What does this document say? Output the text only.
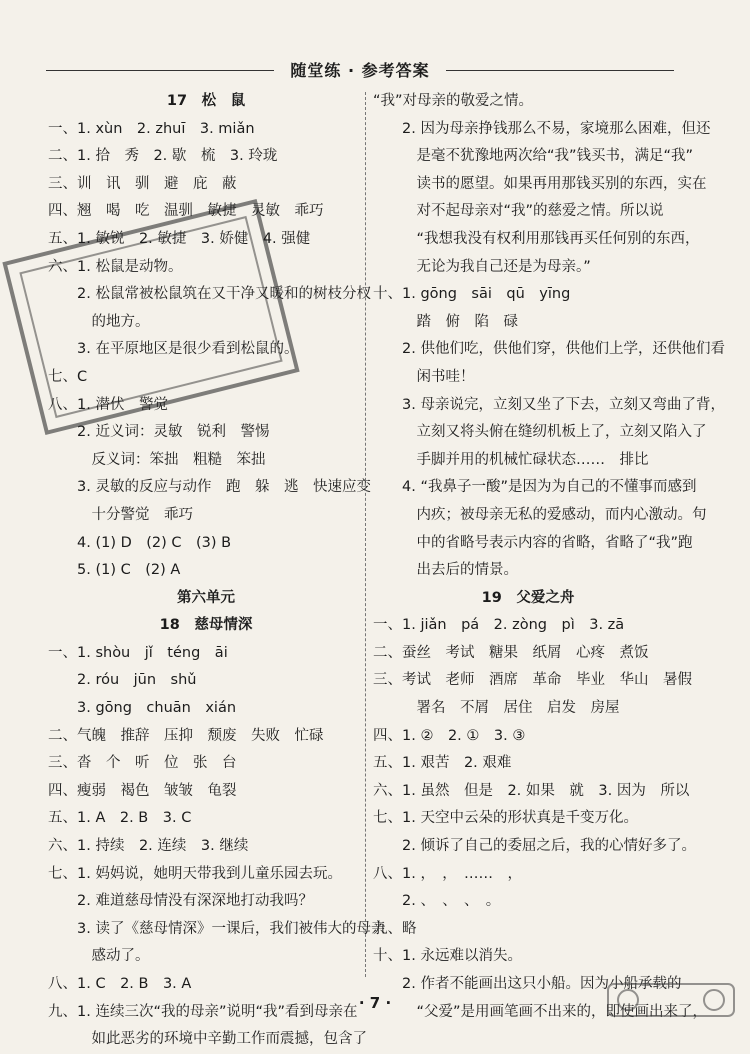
随堂练 · 参考答案
17　松　鼠
一、1. xùn　2. zhuī　3. miǎn
二、1. 拾　秀　2. 歇　梳　3. 玲珑
三、训　讯　驯　避　庇　蔽
四、翘　喝　吃　温驯　敏捷　灵敏　乖巧
五、1. 敏锐　2. 敏捷　3. 娇健　4. 强健
六、1. 松鼠是动物。
　　2. 松鼠常被松鼠筑在又干净又暖和的树枝分杈
　　　的地方。
　　3. 在平原地区是很少看到松鼠的。
七、C
八、1. 潜伏　警觉
　　2. 近义词：灵敏　锐利　警惕
　　　反义词：笨拙　粗糙　笨拙
　　3. 灵敏的反应与动作　跑　躲　逃　快速应变
　　　十分警觉　乖巧
　　4. (1) D　(2) C　(3) B
　　5. (1) C　(2) A
第六单元
18　慈母情深
一、1. shòu　jǐ　téng　āi
　　2. róu　jūn　shǔ
　　3. gōng　chuān　xián
二、气魄　推辞　压抑　颓废　失败　忙碌
三、沓　个　听　位　张　台
四、瘦弱　褐色　皱皱　龟裂
五、1. A　2. B　3. C
六、1. 持续　2. 连续　3. 继续
七、1. 妈妈说，她明天带我到儿童乐园去玩。
　　2. 难道慈母情没有深深地打动我吗？
　　3. 读了《慈母情深》一课后，我们被伟大的母亲
　　　感动了。
八、1. C　2. B　3. A
九、1. 连续三次“我的母亲”说明“我”看到母亲在
　　　如此恶劣的环境中辛勤工作而震撼，包含了
“我”对母亲的敬爱之情。
　　2. 因为母亲挣钱那么不易，家境那么困难，但还
　　　是毫不犹豫地两次给“我”钱买书，满足“我”
　　　读书的愿望。如果再用那钱买别的东西，实在
　　　对不起母亲对“我”的慈爱之情。所以说
　　　“我想我没有权利用那钱再买任何别的东西，
　　　无论为我自己还是为母亲。”
十、1. gōng　sāi　qū　yīng
　　　踏　俯　陷　碌
　　2. 供他们吃，供他们穿，供他们上学，还供他们看
　　　闲书哇！
　　3. 母亲说完，立刻又坐了下去，立刻又弯曲了背，
　　　立刻又将头俯在缝纫机板上了，立刻又陷入了
　　　手脚并用的机械忙碌状态……　排比
　　4. “我鼻子一酸”是因为为自己的不懂事而感到
　　　内疚；被母亲无私的爱感动，而内心激动。句
　　　中的省略号表示内容的省略，省略了“我”跑
　　　出去后的情景。
19　父爱之舟
一、1. jiǎn　pá　2. zòng　pì　3. zā
二、蚕丝　考试　糖果　纸屑　心疼　煮饭
三、考试　老师　酒席　革命　毕业　华山　暑假
　　　署名　不屑　居住　启发　房屋
四、1. ②　2. ①　3. ③
五、1. 艰苦　2. 艰难
六、1. 虽然　但是　2. 如果　就　3. 因为　所以
七、1. 天空中云朵的形状真是千变万化。
　　2. 倾诉了自己的委屈之后，我的心情好多了。
八、1. ，　，　……　，
　　2. 、　、　、　。
九、略
十、1. 永远难以消失。
　　2. 作者不能画出这只小船。因为小船承载的
　　　“父爱”是用画笔画不出来的，即使画出来了，
· 7 ·
